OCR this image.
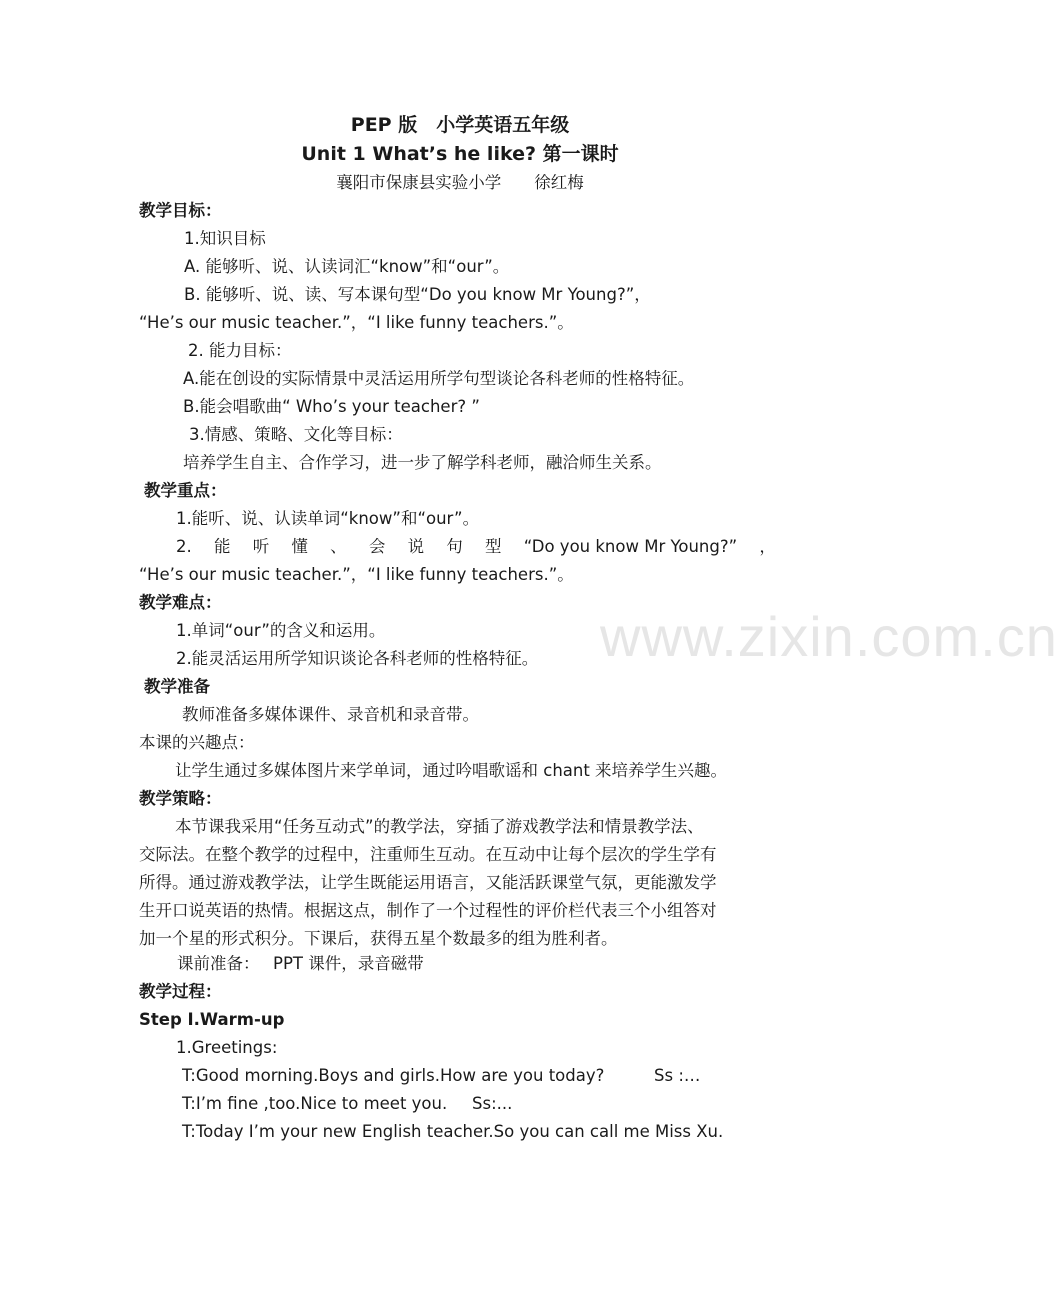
www.zixin.com.cn
PEP 版　小学英语五年级
Unit 1 What’s he like? 第一课时
襄阳市保康县实验小学　　徐红梅
教学目标：
1.知识目标
A. 能够听、说、认读词汇“know”和“our”。
B. 能够听、说、读、写本课句型“Do you know Mr Young?”，
“He’s our music teacher.”，“I like funny teachers.”。
2. 能力目标：
A.能在创设的实际情景中灵活运用所学句型谈论各科老师的性格特征。
B.能会唱歌曲“ Who’s your teacher? ”
3.情感、策略、文化等目标：
培养学生自主、合作学习，进一步了解学科老师，融洽师生关系。
教学重点：
1.能听、说、认读单词“know”和“our”。
2. 能 听 懂 、 会 说 句 型 “Do you know Mr Young?” ，
“He’s our music teacher.”，“I like funny teachers.”。
教学难点：
1.单词“our”的含义和运用。
2.能灵活运用所学知识谈论各科老师的性格特征。
教学准备
教师准备多媒体课件、录音机和录音带。
本课的兴趣点：
让学生通过多媒体图片来学单词，通过吟唱歌谣和 chant 来培养学生兴趣。
教学策略：
本节课我采用“任务互动式”的教学法，穿插了游戏教学法和情景教学法、
交际法。在整个教学的过程中，注重师生互动。在互动中让每个层次的学生学有
所得。通过游戏教学法，让学生既能运用语言，又能活跃课堂气氛，更能激发学
生开口说英语的热情。根据这点，制作了一个过程性的评价栏代表三个小组答对
加一个星的形式积分。下课后，获得五星个数最多的组为胜利者。
课前准备：　 PPT 课件，录音磁带
教学过程：
Step I.Warm-up
1.Greetings:
T:Good morning.Boys and girls.How are you today?	Ss :…
T:I’m fine ,too.Nice to meet you. Ss:...
T:Today I’m your new English teacher.So you can call me Miss Xu.
